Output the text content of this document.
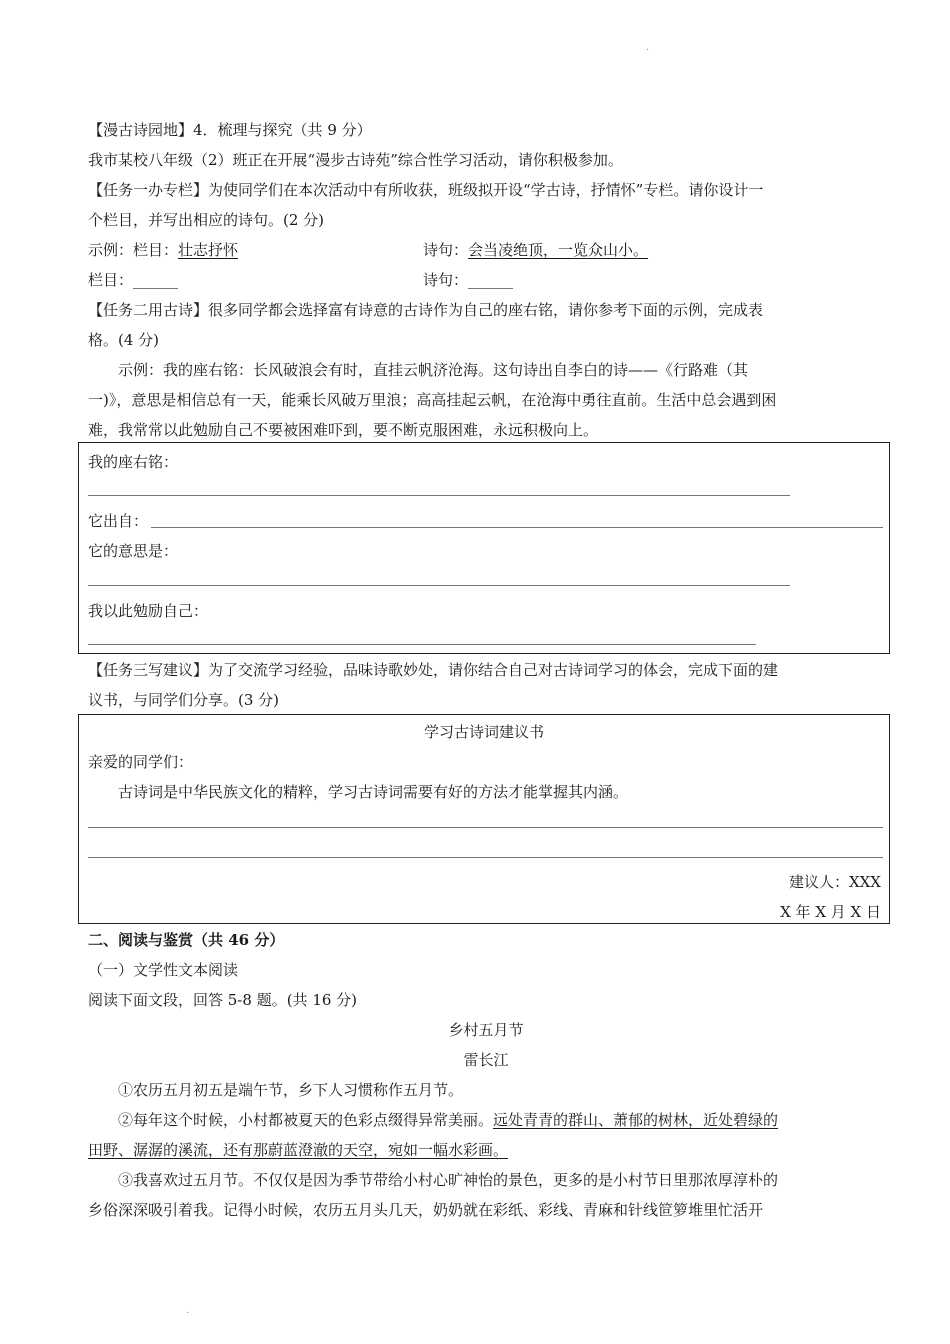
.
【漫古诗园地】4．梳理与探究（共 9 分）
我市某校八年级（2）班正在开展“漫步古诗苑”综合性学习活动，请你积极参加。
【任务一办专栏】为使同学们在本次活动中有所收获，班级拟开设“学古诗，抒情怀”专栏。请你设计一
个栏目，并写出相应的诗句。(2 分)
示例：栏目：壮志抒怀	诗句：会当凌绝顶，一览众山小。
栏目：______	诗句：______
【任务二用古诗】很多同学都会选择富有诗意的古诗作为自己的座右铭，请你参考下面的示例，完成表
格。(4 分)
示例：我的座右铭：长风破浪会有时，直挂云帆济沧海。这句诗出自李白的诗——《行路难（其
一)》，意思是相信总有一天，能乘长风破万里浪；高高挂起云帆，在沧海中勇往直前。生活中总会遇到困
难，我常常以此勉励自己不要被困难吓到，要不断克服困难，永远积极向上。
我的座右铭：
它出自：
它的意思是：
我以此勉励自己：
【任务三写建议】为了交流学习经验，品味诗歌妙处，请你结合自己对古诗词学习的体会，完成下面的建
议书，与同学们分享。(3 分)
学习古诗词建议书
亲爱的同学们：
古诗词是中华民族文化的精粹，学习古诗词需要有好的方法才能掌握其内涵。
建议人：XXX
X 年 X 月 X 日
二、阅读与鉴赏（共 46 分）
（一）文学性文本阅读
阅读下面文段，回答 5-8 题。(共 16 分)
乡村五月节
雷长江
①农历五月初五是端午节，乡下人习惯称作五月节。
②每年这个时候，小村都被夏天的色彩点缀得异常美丽。远处青青的群山、萧郁的树林，近处碧绿的
田野、潺潺的溪流，还有那蔚蓝澄澈的天空，宛如一幅水彩画。
③我喜欢过五月节。不仅仅是因为季节带给小村心旷神怡的景色，更多的是小村节日里那浓厚淳朴的
乡俗深深吸引着我。记得小时候，农历五月头几天，奶奶就在彩纸、彩线、青麻和针线笸箩堆里忙活开
.
